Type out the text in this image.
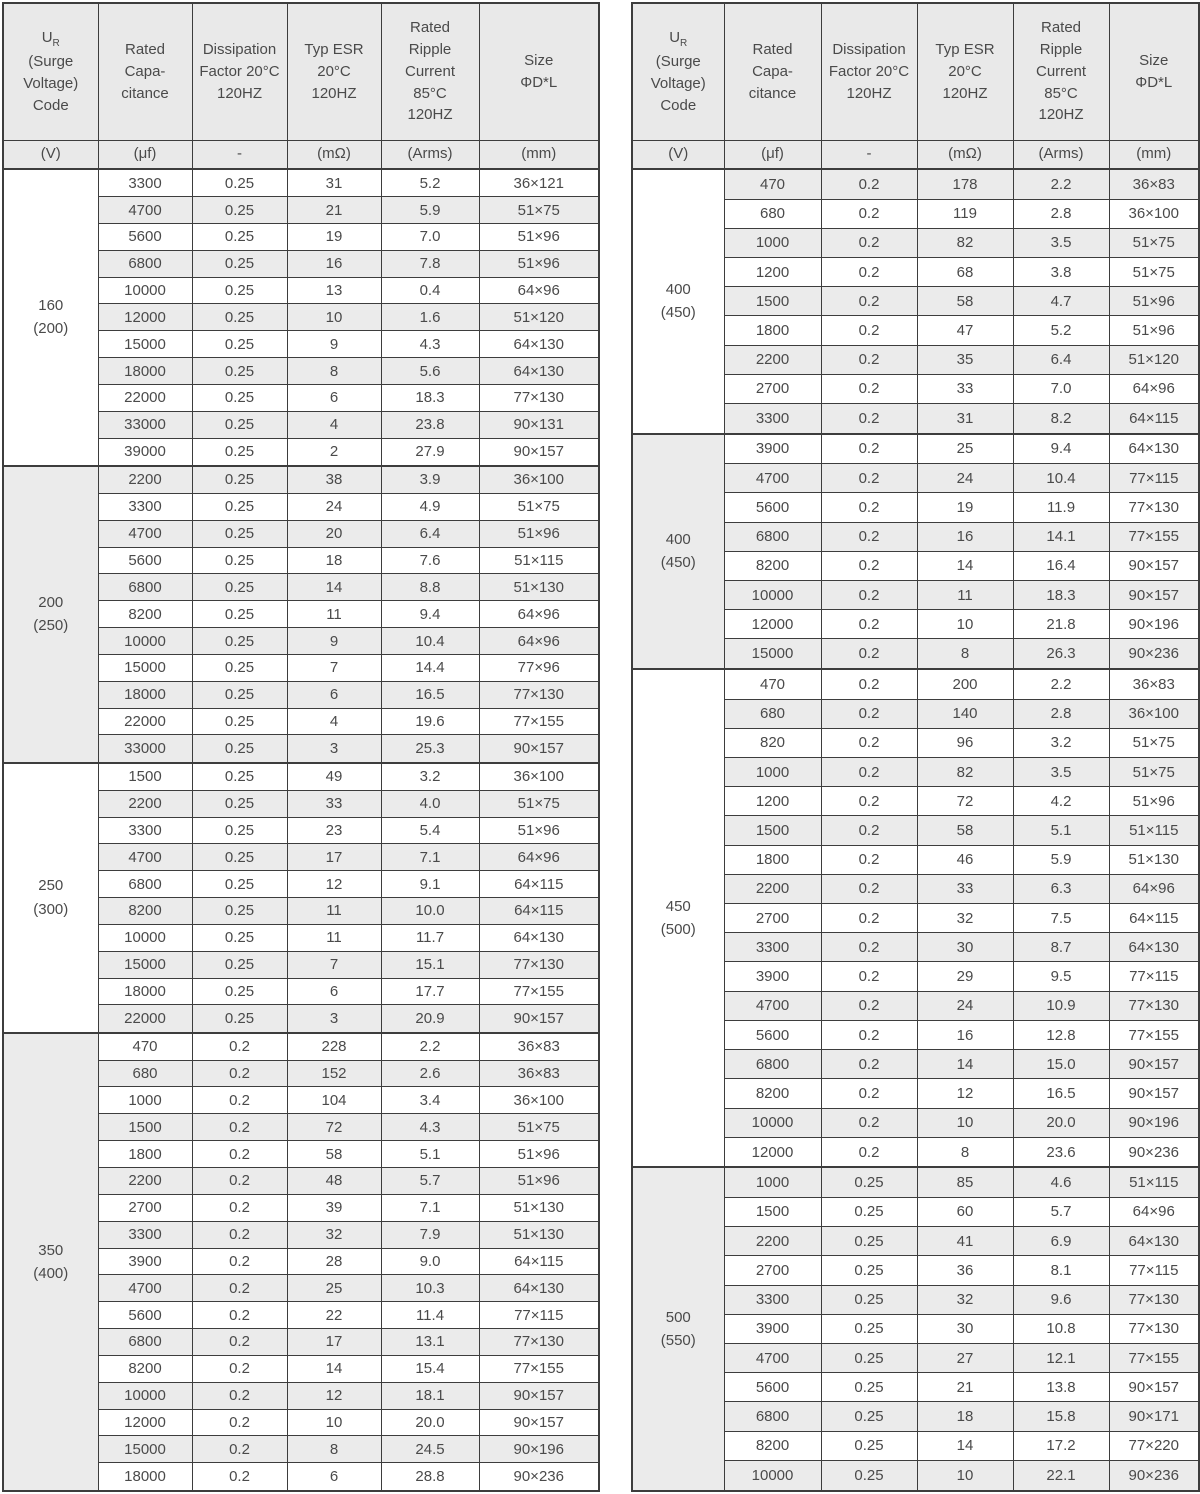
$U_R$
(Surge
Voltage)
Code

Rated
Capa-
citance

Dissipation
Factor 20°C
120HZ

Typ ESR
20°C
120HZ

Rated
Ripple
Current
85°C
120HZ

Size
ΦD*L

(V)	(μf)	-	(mΩ)	(Arms)	(mm)

160
(200)	3300	0.25	31	5.2	36×121
	4700	0.25	21	5.9	51×75
	5600	0.25	19	7.0	51×96
	6800	0.25	16	7.8	51×96
	10000	0.25	13	0.4	64×96
	12000	0.25	10	1.6	51×120
	15000	0.25	9	4.3	64×130
	18000	0.25	8	5.6	64×130
	22000	0.25	6	18.3	77×130
	33000	0.25	4	23.8	90×131
	39000	0.25	2	27.9	90×157

200
(250)	2200	0.25	38	3.9	36×100
	3300	0.25	24	4.9	51×75
	4700	0.25	20	6.4	51×96
	5600	0.25	18	7.6	51×115
	6800	0.25	14	8.8	51×130
	8200	0.25	11	9.4	64×96
	10000	0.25	9	10.4	64×96
	15000	0.25	7	14.4	77×96
	18000	0.25	6	16.5	77×130
	22000	0.25	4	19.6	77×155
	33000	0.25	3	25.3	90×157

250
(300)	1500	0.25	49	3.2	36×100
	2200	0.25	33	4.0	51×75
	3300	0.25	23	5.4	51×96
	4700	0.25	17	7.1	64×96
	6800	0.25	12	9.1	64×115
	8200	0.25	11	10.0	64×115
	10000	0.25	11	11.7	64×130
	15000	0.25	7	15.1	77×130
	18000	0.25	6	17.7	77×155
	22000	0.25	3	20.9	90×157

350
(400)	470	0.2	228	2.2	36×83
	680	0.2	152	2.6	36×83
	1000	0.2	104	3.4	36×100
	1500	0.2	72	4.3	51×75
	1800	0.2	58	5.1	51×96
	2200	0.2	48	5.7	51×96
	2700	0.2	39	7.1	51×130
	3300	0.2	32	7.9	51×130
	3900	0.2	28	9.0	64×115
	4700	0.2	25	10.3	64×130
	5600	0.2	22	11.4	77×115
	6800	0.2	17	13.1	77×130
	8200	0.2	14	15.4	77×155
	10000	0.2	12	18.1	90×157
	12000	0.2	10	20.0	90×157
	15000	0.2	8	24.5	90×196
	18000	0.2	6	28.8	90×236
$U_R$
(Surge
Voltage)
Code

Rated
Capa-
citance

Dissipation
Factor 20°C
120HZ

Typ ESR
20°C
120HZ

Rated
Ripple
Current
85°C
120HZ

Size
ΦD*L

(V)	(μf)	-	(mΩ)	(Arms)	(mm)

400
(450)	470	0.2	178	2.2	36×83
	680	0.2	119	2.8	36×100
	1000	0.2	82	3.5	51×75
	1200	0.2	68	3.8	51×75
	1500	0.2	58	4.7	51×96
	1800	0.2	47	5.2	51×96
	2200	0.2	35	6.4	51×120
	2700	0.2	33	7.0	64×96
	3300	0.2	31	8.2	64×115

400
(450)	3900	0.2	25	9.4	64×130
	4700	0.2	24	10.4	77×115
	5600	0.2	19	11.9	77×130
	6800	0.2	16	14.1	77×155
	8200	0.2	14	16.4	90×157
	10000	0.2	11	18.3	90×157
	12000	0.2	10	21.8	90×196
	15000	0.2	8	26.3	90×236

450
(500)	470	0.2	200	2.2	36×83
	680	0.2	140	2.8	36×100
	820	0.2	96	3.2	51×75
	1000	0.2	82	3.5	51×75
	1200	0.2	72	4.2	51×96
	1500	0.2	58	5.1	51×115
	1800	0.2	46	5.9	51×130
	2200	0.2	33	6.3	64×96
	2700	0.2	32	7.5	64×115
	3300	0.2	30	8.7	64×130
	3900	0.2	29	9.5	77×115
	4700	0.2	24	10.9	77×130
	5600	0.2	16	12.8	77×155
	6800	0.2	14	15.0	90×157
	8200	0.2	12	16.5	90×157
	10000	0.2	10	20.0	90×196
	12000	0.2	8	23.6	90×236

500
(550)	1000	0.25	85	4.6	51×115
	1500	0.25	60	5.7	64×96
	2200	0.25	41	6.9	64×130
	2700	0.25	36	8.1	77×115
	3300	0.25	32	9.6	77×130
	3900	0.25	30	10.8	77×130
	4700	0.25	27	12.1	77×155
	5600	0.25	21	13.8	90×157
	6800	0.25	18	15.8	90×171
	8200	0.25	14	17.2	77×220
	10000	0.25	10	22.1	90×236
